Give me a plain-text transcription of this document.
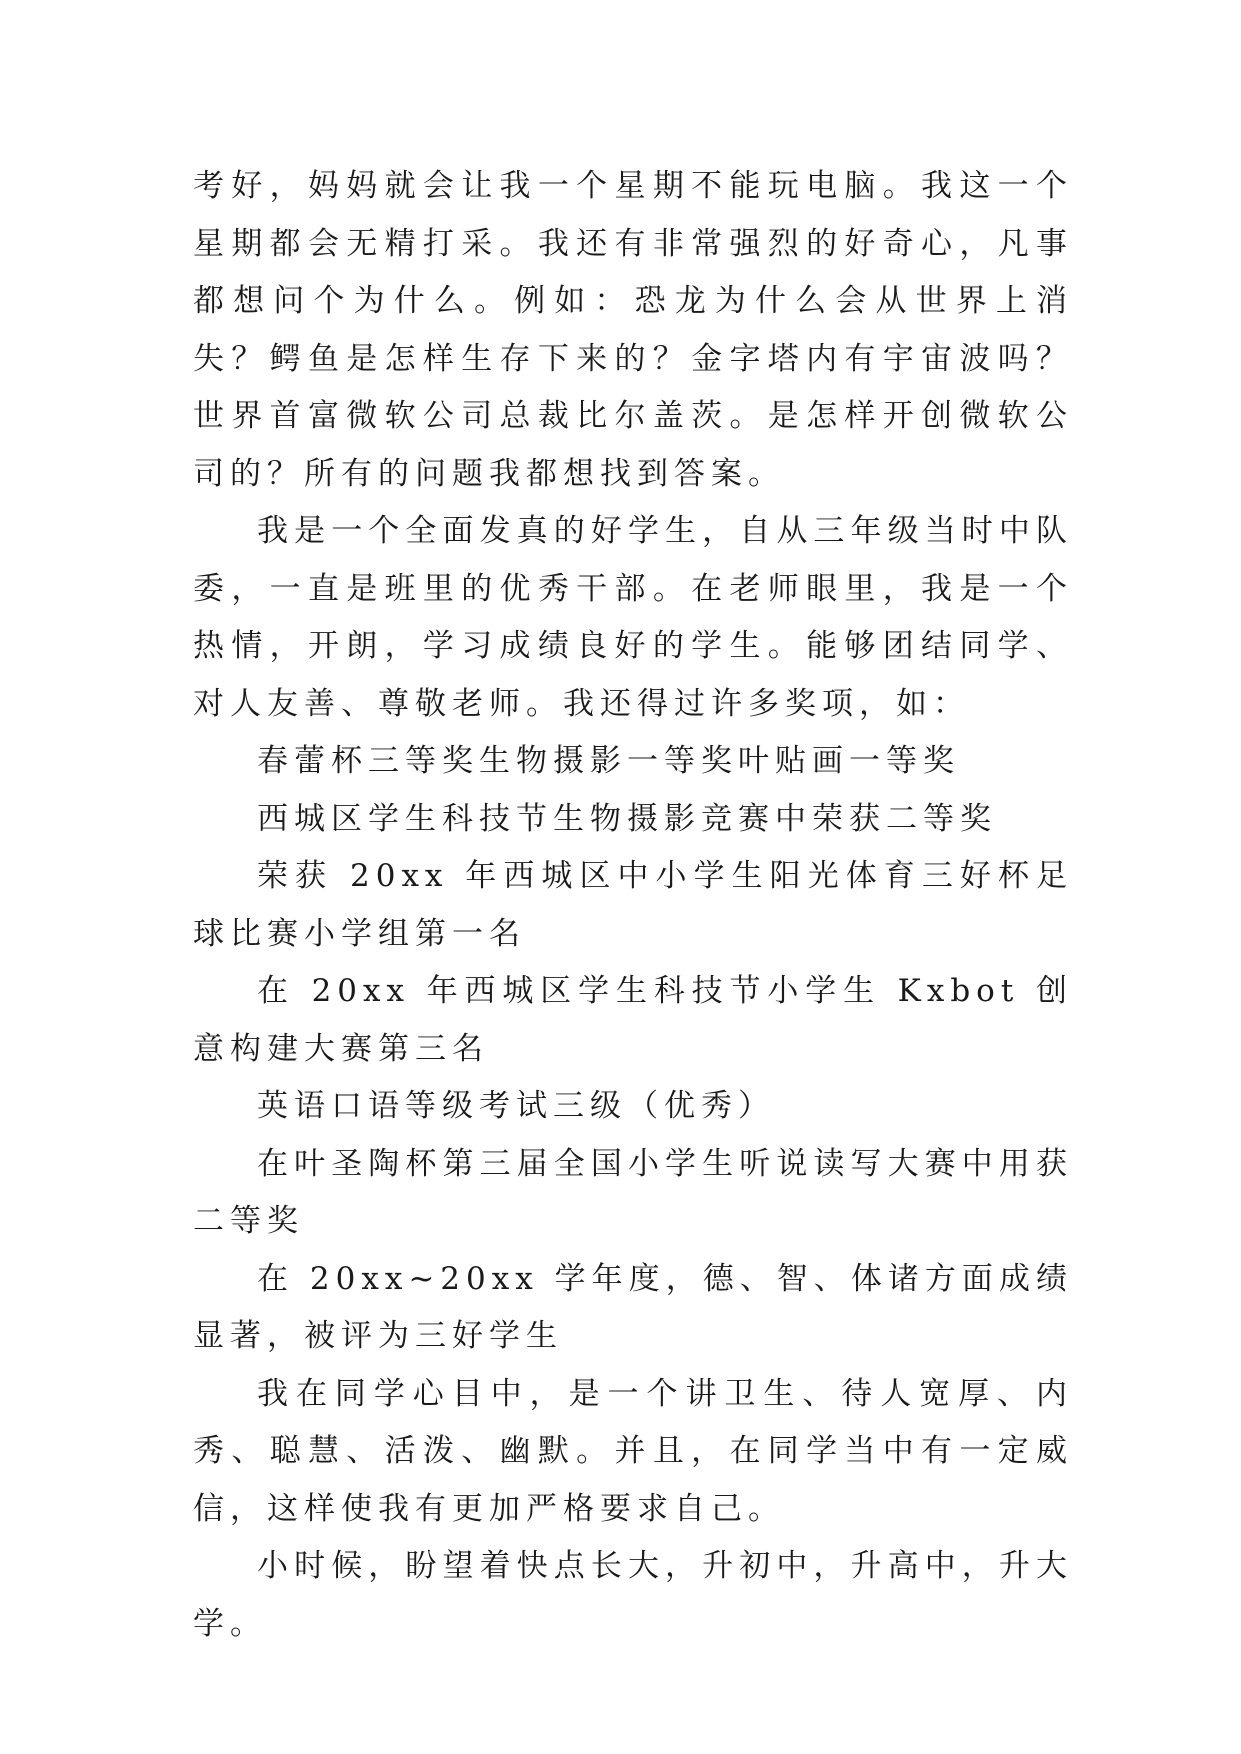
考好，妈妈就会让我一个星期不能玩电脑。我这一个星期都会无精打采。我还有非常强烈的好奇心，凡事都想问个为什么。例如：恐龙为什么会从世界上消失？鳄鱼是怎样生存下来的？金字塔内有宇宙波吗？世界首富微软公司总裁比尔盖茨。是怎样开创微软公司的？所有的问题我都想找到答案。

我是一个全面发真的好学生，自从三年级当时中队委，一直是班里的优秀干部。在老师眼里，我是一个热情，开朗，学习成绩良好的学生。能够团结同学、对人友善、尊敬老师。我还得过许多奖项，如：

春蕾杯三等奖生物摄影一等奖叶贴画一等奖

西城区学生科技节生物摄影竞赛中荣获二等奖

荣获 20xx 年西城区中小学生阳光体育三好杯足球比赛小学组第一名

在 20xx 年西城区学生科技节小学生 Kxbot 创意构建大赛第三名

英语口语等级考试三级（优秀）

在叶圣陶杯第三届全国小学生听说读写大赛中用获二等奖

在 20xx~20xx 学年度，德、智、体诸方面成绩显著，被评为三好学生

我在同学心目中，是一个讲卫生、待人宽厚、内秀、聪慧、活泼、幽默。并且，在同学当中有一定威信，这样使我有更加严格要求自己。

小时候，盼望着快点长大，升初中，升高中，升大学。
